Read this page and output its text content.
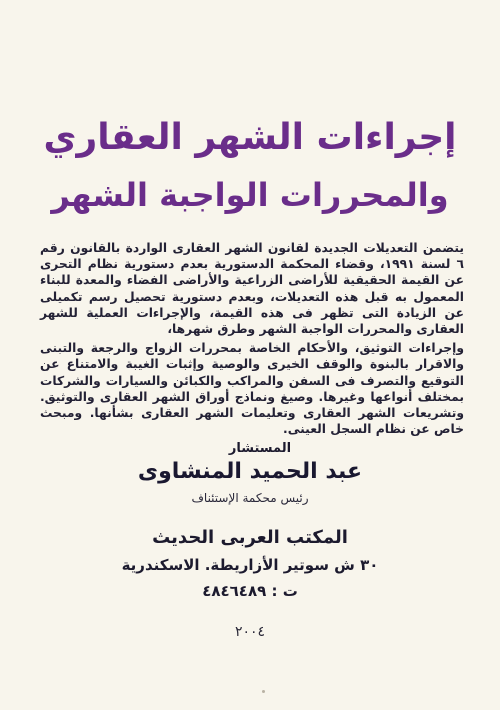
إجراءات الشهر العقاري
والمحررات الواجبة الشهر

يتضمن التعديلات الجديدة لقانون الشهر العقارى الواردة بالقانون رقم ٦ لسنة ١٩٩١، وقضاء المحكمة الدستورية بعدم دستورية نظام التحرى عن القيمة الحقيقية للأراضى الزراعية والأراضى الفضاء والمعدة للبناء المعمول به قبل هذه التعديلات، وبعدم دستورية تحصيل رسم تكميلى عن الزيادة التى تظهر فى هذه القيمة، والإجراءات العملية للشهر العقارى والمحررات الواجبة الشهر وطرق شهرها،

وإجراءات التوثيق، والأحكام الخاصة بمحررات الزواج والرجعة والتبنى والاقرار بالبنوة والوقف الخيرى والوصية وإثبات الغيبة والامتناع عن التوقيع والتصرف فى السفن والمراكب والكبائن والسيارات والشركات بمختلف أنواعها وغيرها. وصيغ ونماذج أوراق الشهر العقارى والتوثيق. وتشريعات الشهر العقارى وتعليمات الشهر العقارى بشأنها. ومبحث خاص عن نظام السجل العينى.

المستشار
عبد الحميد المنشاوى
رئيس محكمة الإستئناف
المكتب العربى الحديث
٣٠ ش سوتير الأزاريطة. الاسكندرية
ت : ٤٨٤٦٤٨٩
٢٠٠٤
